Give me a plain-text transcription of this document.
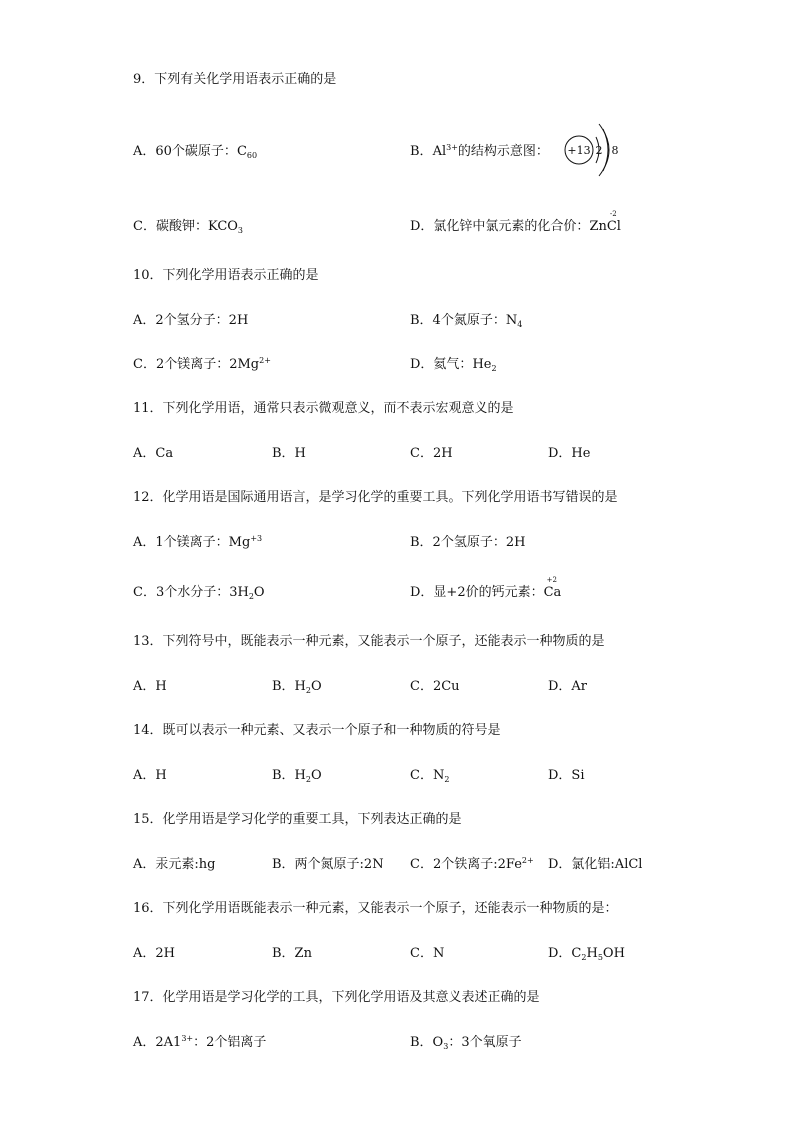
9．下列有关化学用语表示正确的是
A．60个碳原子：$C_{60}$	B．$Al^{3+}$的结构示意图： +13 2 8
C．碳酸钾：$KCO_3$	D．氯化锌中氯元素的化合价：Zn
-2
Cl
10．下列化学用语表示正确的是
A．2个氢分子：2H	B．4个氮原子：$N_4$
C．2个镁离子：$2Mg^{2+}$	D．氦气：$He_2$
11．下列化学用语，通常只表示微观意义，而不表示宏观意义的是
A．Ca	B．H	C．2H	D．He
12．化学用语是国际通用语言，是学习化学的重要工具。下列化学用语书写错误的是
A．1个镁离子：$Mg^{+3}$	B．2个氢原子：2H
C．3个水分子：$3H_2O$	D．显+2价的钙元素：
+2
Ca
13．下列符号中，既能表示一种元素，又能表示一个原子，还能表示一种物质的是
A．H	B．$H_2O$	C．2Cu	D．Ar
14．既可以表示一种元素、又表示一个原子和一种物质的符号是
A．H	B．$H_2O$	C．$N_2$	D．Si
15．化学用语是学习化学的重要工具，下列表达正确的是
A．汞元素:hg	B．两个氮原子:2N C．2个铁离子$:2Fe^{2+}$ D．氯化铝:AlCl
16．下列化学用语既能表示一种元素，又能表示一个原子，还能表示一种物质的是：
A．2H	B．Zn	C．N	D．$C_2H_5OH$
17．化学用语是学习化学的工具，下列化学用语及其意义表述正确的是
A．$2A1^{3+}$：2个铝离子	B．$O_3$：3个氧原子
